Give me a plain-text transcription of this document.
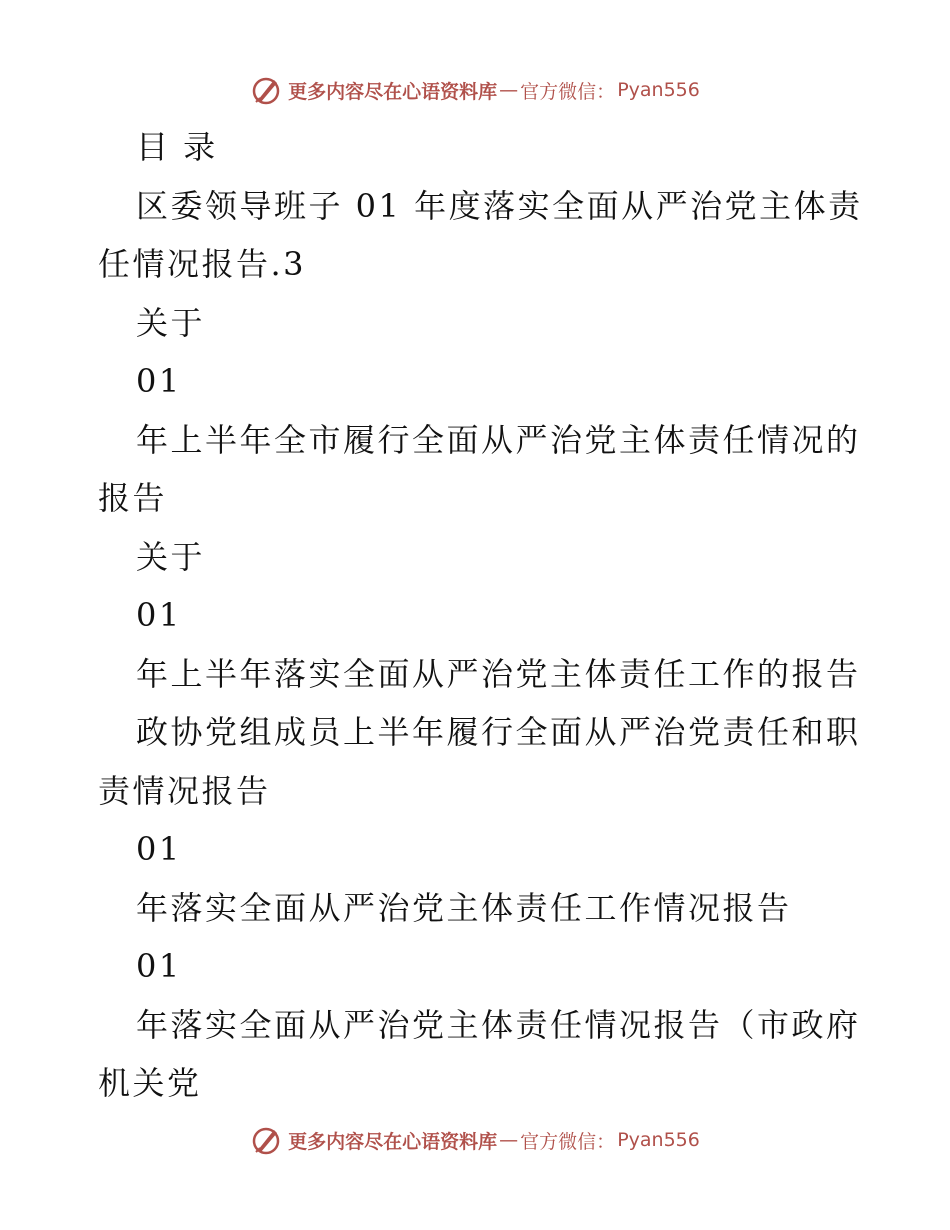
更多内容尽在心语资料库 — 官方微信： Pyan556
目 录
区委领导班子 01 年度落实全面从严治党主体责
任情况报告.3
关于
01
年上半年全市履行全面从严治党主体责任情况的
报告
关于
01
年上半年落实全面从严治党主体责任工作的报告
政协党组成员上半年履行全面从严治党责任和职
责情况报告
01
年落实全面从严治党主体责任工作情况报告
01
年落实全面从严治党主体责任情况报告（市政府
机关党
更多内容尽在心语资料库 — 官方微信： Pyan556
